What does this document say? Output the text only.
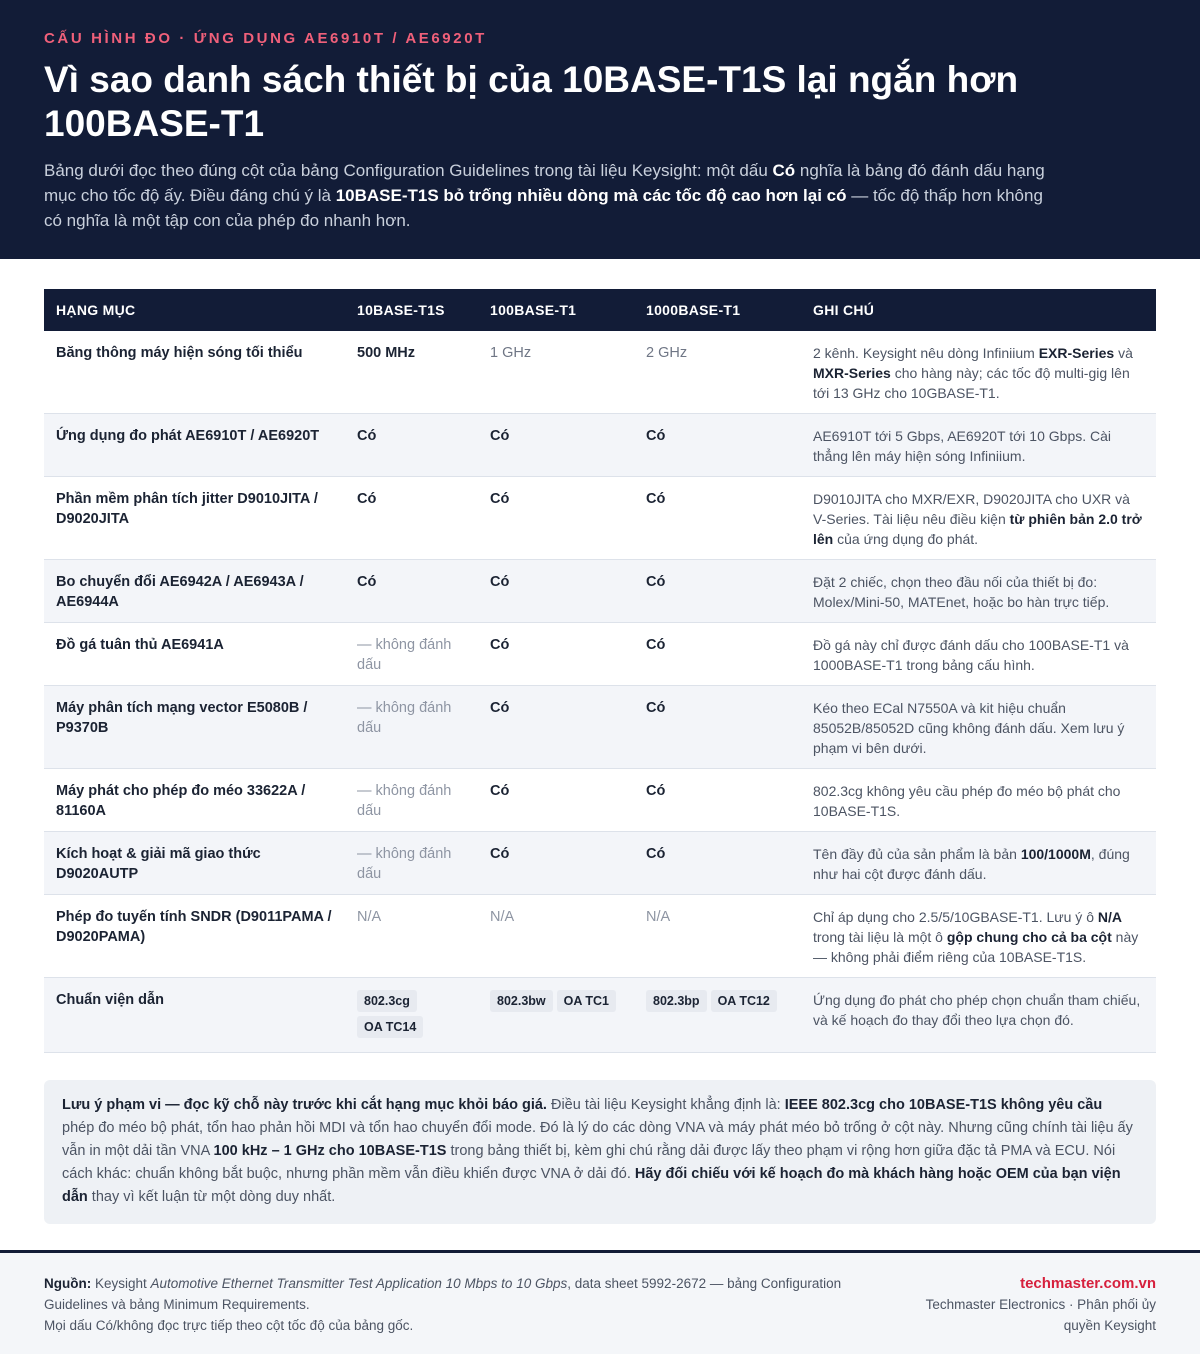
CẤU HÌNH ĐO · ỨNG DỤNG AE6910T / AE6920T
Vì sao danh sách thiết bị của 10BASE-T1S lại ngắn hơn 100BASE-T1

Bảng dưới đọc theo đúng cột của bảng Configuration Guidelines trong tài liệu Keysight: một dấu Có nghĩa là bảng đó đánh dấu hạng mục cho tốc độ ấy. Điều đáng chú ý là 10BASE-T1S bỏ trống nhiều dòng mà các tốc độ cao hơn lại có — tốc độ thấp hơn không có nghĩa là một tập con của phép đo nhanh hơn.

HẠNG MỤC	10BASE-T1S	100BASE-T1	1000BASE-T1	GHI CHÚ
Băng thông máy hiện sóng tối thiểu	500 MHz	1 GHz	2 GHz	2 kênh. Keysight nêu dòng Infiniium EXR-Series và MXR-Series cho hàng này; các tốc độ multi-gig lên tới 13 GHz cho 10GBASE-T1.
Ứng dụng đo phát AE6910T / AE6920T	Có	Có	Có	AE6910T tới 5 Gbps, AE6920T tới 10 Gbps. Cài thẳng lên máy hiện sóng Infiniium.
Phần mềm phân tích jitter D9010JITA / D9020JITA	Có	Có	Có	D9010JITA cho MXR/EXR, D9020JITA cho UXR và V-Series. Tài liệu nêu điều kiện từ phiên bản 2.0 trở lên của ứng dụng đo phát.
Bo chuyển đổi AE6942A / AE6943A / AE6944A	Có	Có	Có	Đặt 2 chiếc, chọn theo đầu nối của thiết bị đo: Molex/Mini-50, MATEnet, hoặc bo hàn trực tiếp.
Đồ gá tuân thủ AE6941A	— không đánh dấu	Có	Có	Đồ gá này chỉ được đánh dấu cho 100BASE-T1 và 1000BASE-T1 trong bảng cấu hình.
Máy phân tích mạng vector E5080B / P9370B	— không đánh dấu	Có	Có	Kéo theo ECal N7550A và kit hiệu chuẩn 85052B/85052D cũng không đánh dấu. Xem lưu ý phạm vi bên dưới.
Máy phát cho phép đo méo 33622A / 81160A	— không đánh dấu	Có	Có	802.3cg không yêu cầu phép đo méo bộ phát cho 10BASE-T1S.
Kích hoạt & giải mã giao thức D9020AUTP	— không đánh dấu	Có	Có	Tên đầy đủ của sản phẩm là bản 100/1000M, đúng như hai cột được đánh dấu.
Phép đo tuyến tính SNDR (D9011PAMA / D9020PAMA)	N/A	N/A	N/A	Chỉ áp dụng cho 2.5/5/10GBASE-T1. Lưu ý ô N/A trong tài liệu là một ô gộp chung cho cả ba cột này — không phải điểm riêng của 10BASE-T1S.
Chuẩn viện dẫn	802.3cgOA TC14	802.3bw OA TC1	802.3bp OA TC12	Ứng dụng đo phát cho phép chọn chuẩn tham chiếu, và kế hoạch đo thay đổi theo lựa chọn đó.
Lưu ý phạm vi — đọc kỹ chỗ này trước khi cắt hạng mục khỏi báo giá. Điều tài liệu Keysight khẳng định là: IEEE 802.3cg cho 10BASE-T1S không yêu cầu phép đo méo bộ phát, tổn hao phản hồi MDI và tổn hao chuyển đổi mode. Đó là lý do các dòng VNA và máy phát méo bỏ trống ở cột này. Nhưng cũng chính tài liệu ấy vẫn in một dải tần VNA 100 kHz – 1 GHz cho 10BASE-T1S trong bảng thiết bị, kèm ghi chú rằng dải được lấy theo phạm vi rộng hơn giữa đặc tả PMA và ECU. Nói cách khác: chuẩn không bắt buộc, nhưng phần mềm vẫn điều khiển được VNA ở dải đó. Hãy đối chiếu với kế hoạch đo mà khách hàng hoặc OEM của bạn viện dẫn thay vì kết luận từ một dòng duy nhất.
Nguồn: Keysight Automotive Ethernet Transmitter Test Application 10 Mbps to 10 Gbps, data sheet 5992-2672 — bảng Configuration Guidelines và bảng Minimum Requirements.
Mọi dấu Có/không đọc trực tiếp theo cột tốc độ của bảng gốc.
techmaster.com.vn
Techmaster Electronics · Phân phối ủy quyền Keysight
